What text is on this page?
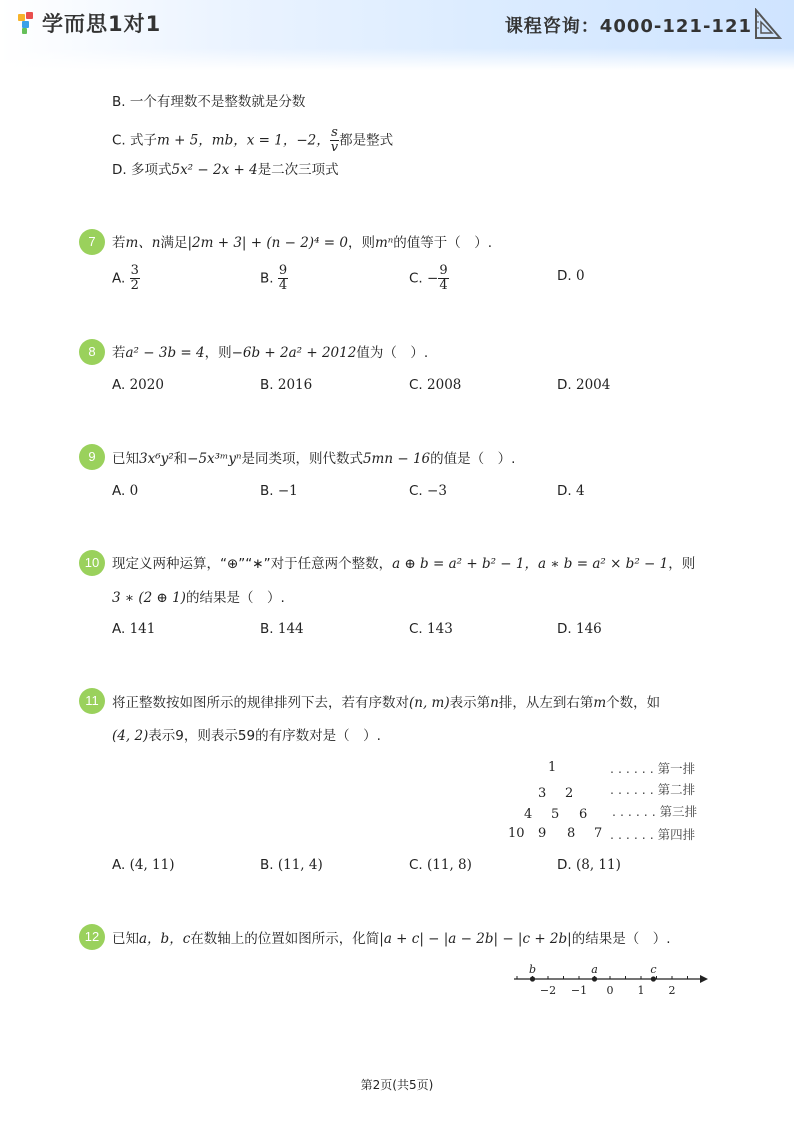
学而思1对1	课程咨询：4000-121-121
B. 一个有理数不是整数就是分数
C. 式子m + 5，mb，x = 1，−2， $\frac{s}{v}$ 都是整式
D. 多项式5x² − 2x + 4是二次三项式
7	若m、n满足|2m + 3| + (n − 2)⁴ = 0，则mⁿ的值等于（　）.
A. $\frac{3}{2}$	B. $\frac{9}{4}$	C. − $\frac{9}{4}$	D. 0
8	若a² − 3b = 4，则−6b + 2a² + 2012值为（　）.
A. 2020	B. 2016	C. 2008	D. 2004
9	已知3x⁶y²和−5x³ᵐyⁿ是同类项，则代数式5mn − 16的值是（　）.
A. 0	B. −1	C. −3	D. 4
10 现定义两种运算，“⊕”“∗”对于任意两个整数，a ⊕ b = a² + b² − 1，a ∗ b = a² × b² − 1，则
3 ∗ (2 ⊕ 1)的结果是（　）.
A. 141	B. 144	C. 143	D. 146
11 将正整数按如图所示的规律排列下去，若有序数对(n, m)表示第n排，从左到右第m个数，如
(4, 2)表示9，则表示59的有序数对是（　）.
1
3 2
4 5 6
10 9 8 7
. . . . . . 第一排
. . . . . . 第二排
. . . . . . 第三排
. . . . . . 第四排
A. (4, 11)	B. (11, 4)	C. (11, 8)	D. (8, 11)
12 已知a，b，c在数轴上的位置如图所示，化简|a + c| − |a − 2b| − |c + 2b|的结果是（　）.
−2 −1 0 1 2
b	a	c
第2页(共5页)
